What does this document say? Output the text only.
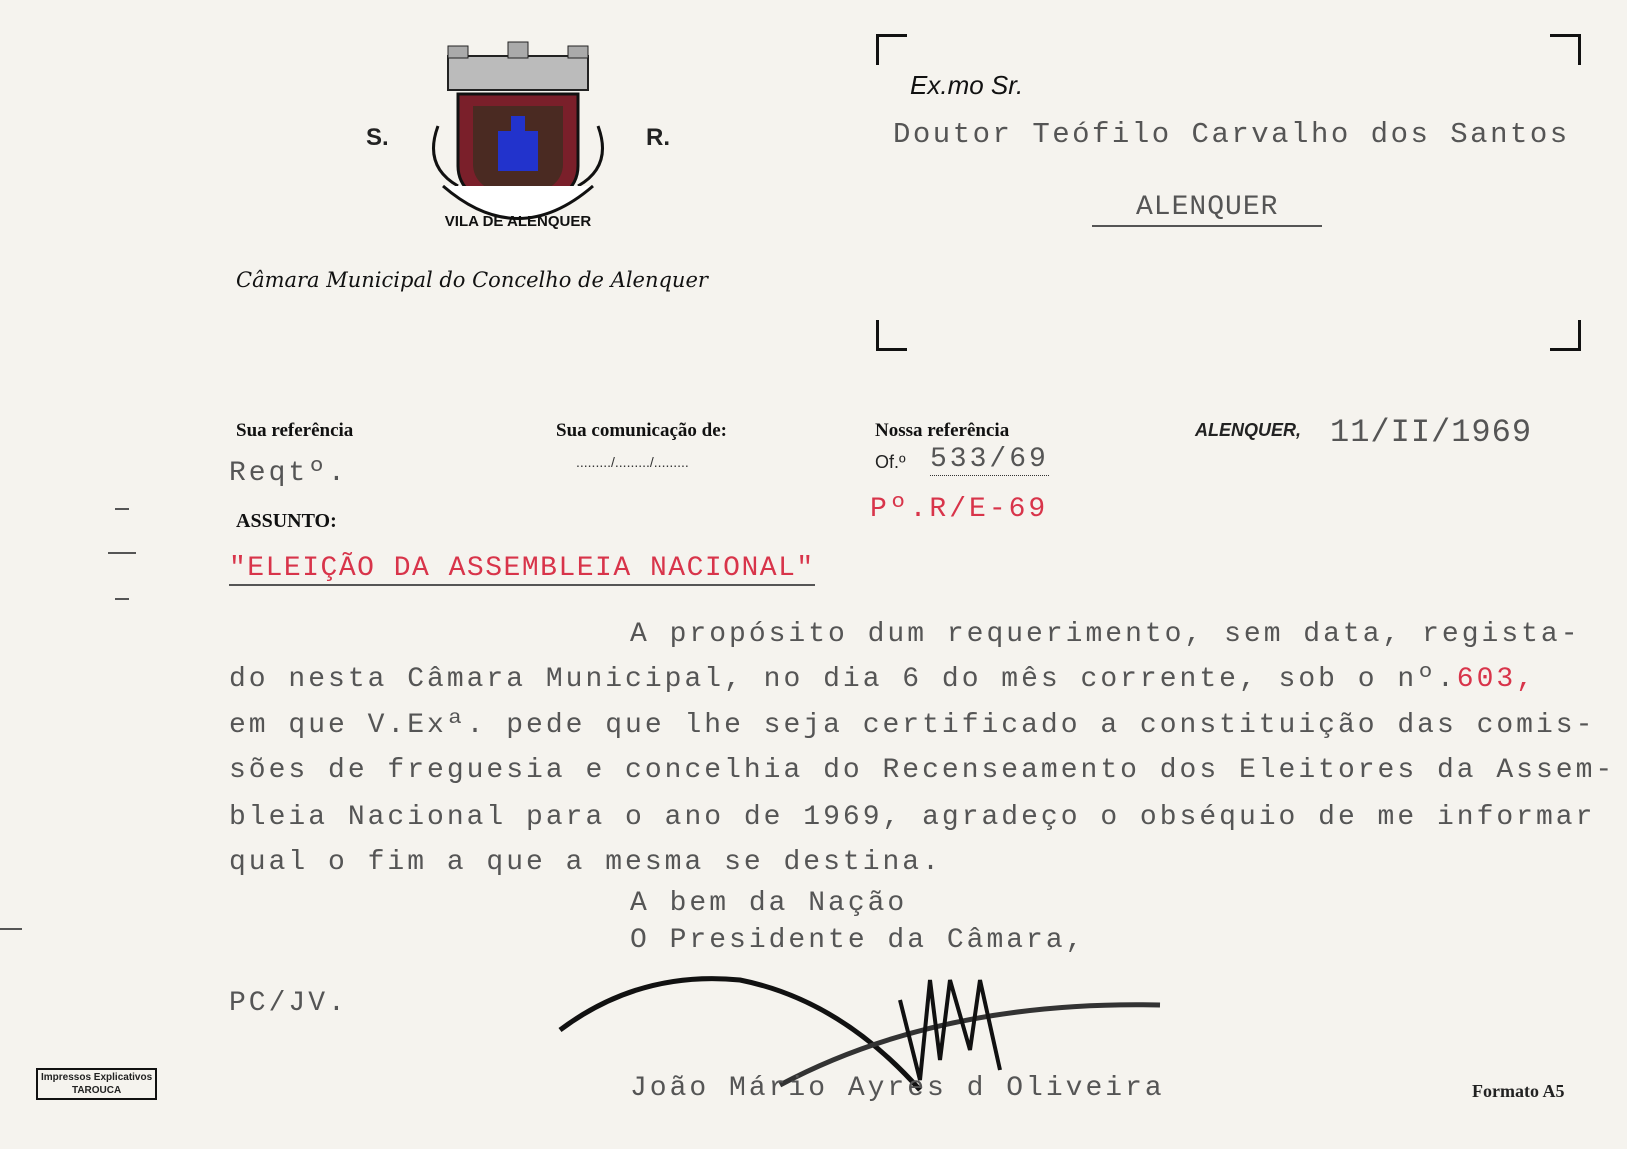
S.	R.
VILA DE ALENQUER
Câmara Municipal do Concelho de Alenquer
Ex.mo Sr.
Doutor Teófilo Carvalho dos Santos
ALENQUER
Sua referência
Reqtº.
Sua comunicação de:
........./........./.........
Nossa referência
Of.º 533/69
Pº.R/E-69
ALENQUER, 11/II/1969
ASSUNTO:
"ELEIÇÃO DA ASSEMBLEIA NACIONAL"
A propósito dum requerimento, sem data, regista-
do nesta Câmara Municipal, no dia 6 do mês corrente, sob o nº.603,
em que V.Exª. pede que lhe seja certificado a constituição das comis-
sões de freguesia e concelhia do Recenseamento dos Eleitores da Assem-
bleia Nacional para o ano de 1969, agradeço o obséquio de me informar
qual o fim a que a mesma se destina.
A bem da Nação
O Presidente da Câmara,
PC/JV.
João Mário Ayres d Oliveira
Impressos Explicativos
TAROUCA	Formato A5
